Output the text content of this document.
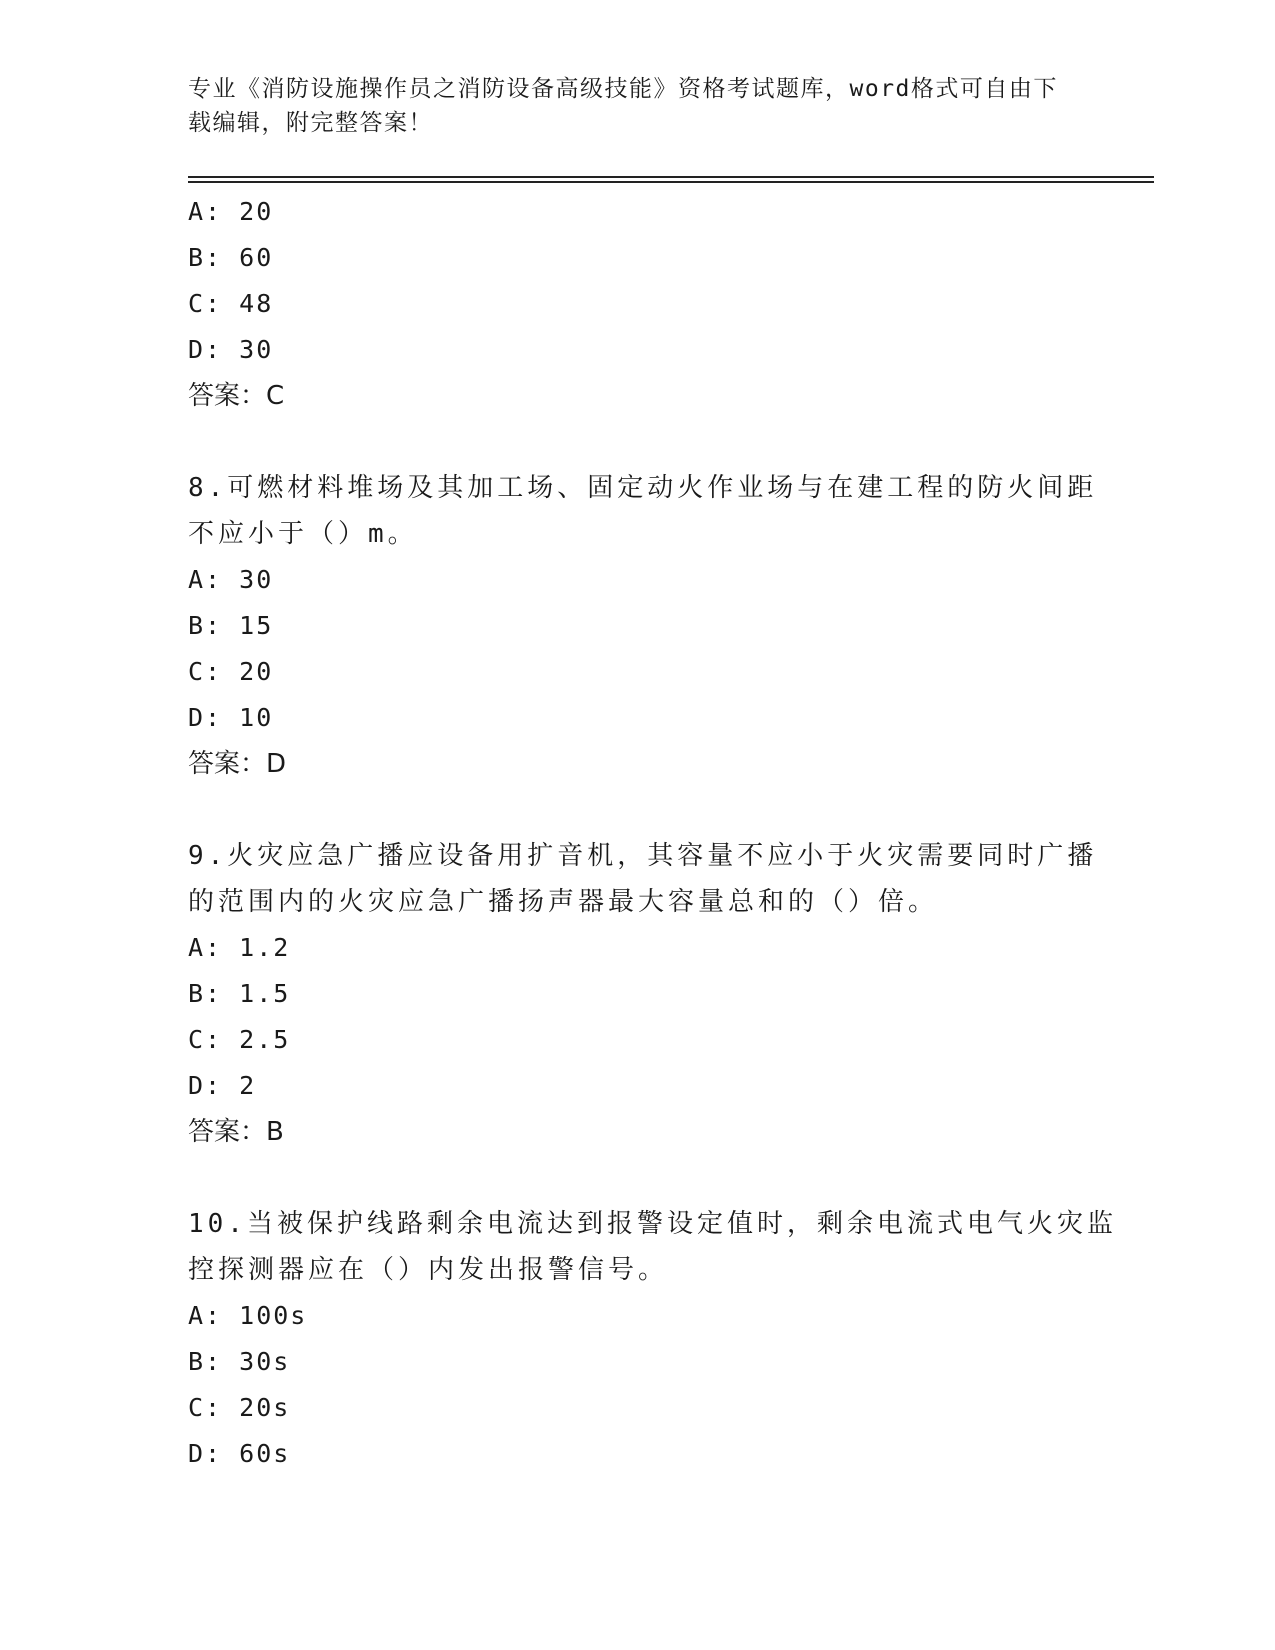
专业《消防设施操作员之消防设备高级技能》资格考试题库，word格式可自由下
载编辑，附完整答案！
A: 20
B: 60
C: 48
D: 30
答案：C
8.可燃材料堆场及其加工场、固定动火作业场与在建工程的防火间距
不应小于（）m。
A: 30
B: 15
C: 20
D: 10
答案：D
9.火灾应急广播应设备用扩音机，其容量不应小于火灾需要同时广播
的范围内的火灾应急广播扬声器最大容量总和的（）倍。
A: 1.2
B: 1.5
C: 2.5
D: 2
答案：B
10.当被保护线路剩余电流达到报警设定值时，剩余电流式电气火灾监
控探测器应在（）内发出报警信号。
A: 100s
B: 30s
C: 20s
D: 60s
